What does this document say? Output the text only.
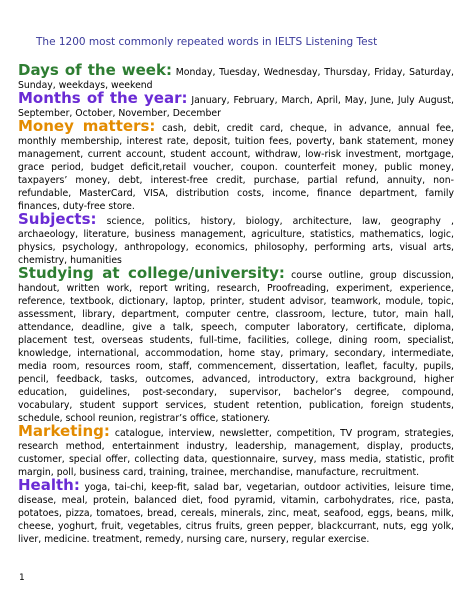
The 1200 most commonly repeated words in IELTS Listening Test

Days of the week: Monday, Tuesday, Wednesday, Thursday, Friday, Saturday, Sunday, weekdays, weekend

Months of the year: January, February, March, April, May, June, July August, September, October, November, December

Money matters: cash, debit, credit card, cheque, in advance, annual fee, monthly membership, interest rate, deposit, tuition fees, poverty, bank statement, money management, current account, student account, withdraw, low-risk investment, mortgage, grace period, budget deficit,retail voucher, coupon. counterfeit money, public money, taxpayers’ money, debt, interest-free credit, purchase, partial refund, annuity, non-refundable, MasterCard, VISA, distribution costs, income, finance department, family finances, duty-free store.

Subjects: science, politics, history, biology, architecture, law, geography , archaeology, literature, business management, agriculture, statistics, mathematics, logic, physics, psychology, anthropology, economics, philosophy, performing arts, visual arts, chemistry, humanities

Studying at college/university: course outline, group discussion, handout, written work, report writing, research, Proofreading, experiment, experience, reference, textbook, dictionary, laptop, printer, student advisor, teamwork, module, topic, assessment, library, department, computer centre, classroom, lecture, tutor, main hall, attendance, deadline, give a talk, speech, computer laboratory, certificate, diploma, placement test, overseas students, full-time, facilities, college, dining room, specialist, knowledge, international, accommodation, home stay, primary, secondary, intermediate, media room, resources room, staff, commencement, dissertation, leaflet, faculty, pupils, pencil, feedback, tasks, outcomes, advanced, introductory, extra background, higher education, guidelines, post-secondary, supervisor, bachelor’s degree, compound, vocabulary, student support services, student retention, publication, foreign students, schedule, school reunion, registrar’s office, stationery.

Marketing: catalogue, interview, newsletter, competition, TV program, strategies, research method, entertainment industry, leadership, management, display, products, customer, special offer, collecting data, questionnaire, survey, mass media, statistic, profit margin, poll, business card, training, trainee, merchandise, manufacture, recruitment.

Health: yoga, tai-chi, keep-fit, salad bar, vegetarian, outdoor activities, leisure time, disease, meal, protein, balanced diet, food pyramid, vitamin, carbohydrates, rice, pasta, potatoes, pizza, tomatoes, bread, cereals, minerals, zinc, meat, seafood, eggs, beans, milk, cheese, yoghurt, fruit, vegetables, citrus fruits, green pepper, blackcurrant, nuts, egg yolk, liver, medicine. treatment, remedy, nursing care, nursery, regular exercise.

1
